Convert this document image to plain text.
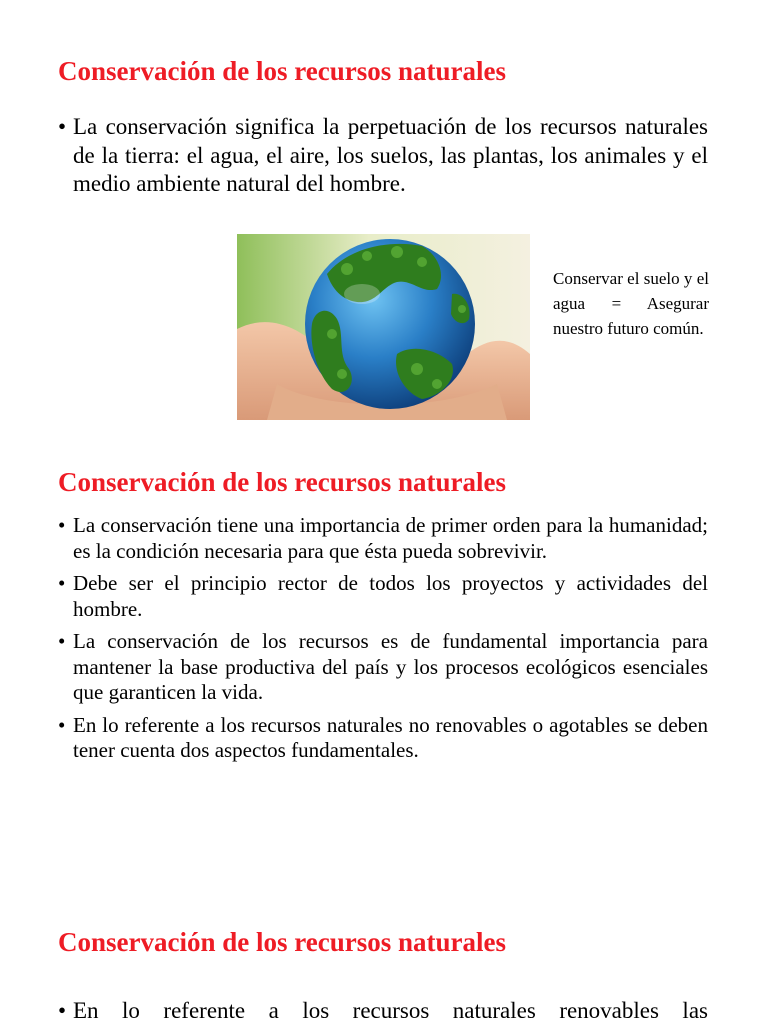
Conservación de los recursos naturales
• La conservación significa la perpetuación de los recursos naturales de la tierra: el agua, el aire, los suelos, las plantas, los animales y el medio ambiente natural del hombre.

Conservar el suelo y el agua = Asegurar nuestro futuro común.

Conservación de los recursos naturales
• La conservación tiene una importancia de primer orden para la humanidad; es la condición necesaria para que ésta pueda sobrevivir.
• Debe ser el principio rector de todos los proyectos y actividades del hombre.
• La conservación de los recursos es de fundamental importancia para mantener la base productiva del país y los procesos ecológicos esenciales que garanticen la vida.
• En lo referente a los recursos naturales no renovables o agotables se deben tener cuenta dos aspectos fundamentales.
Conservación de los recursos naturales
• En lo referente a los recursos naturales renovables las
